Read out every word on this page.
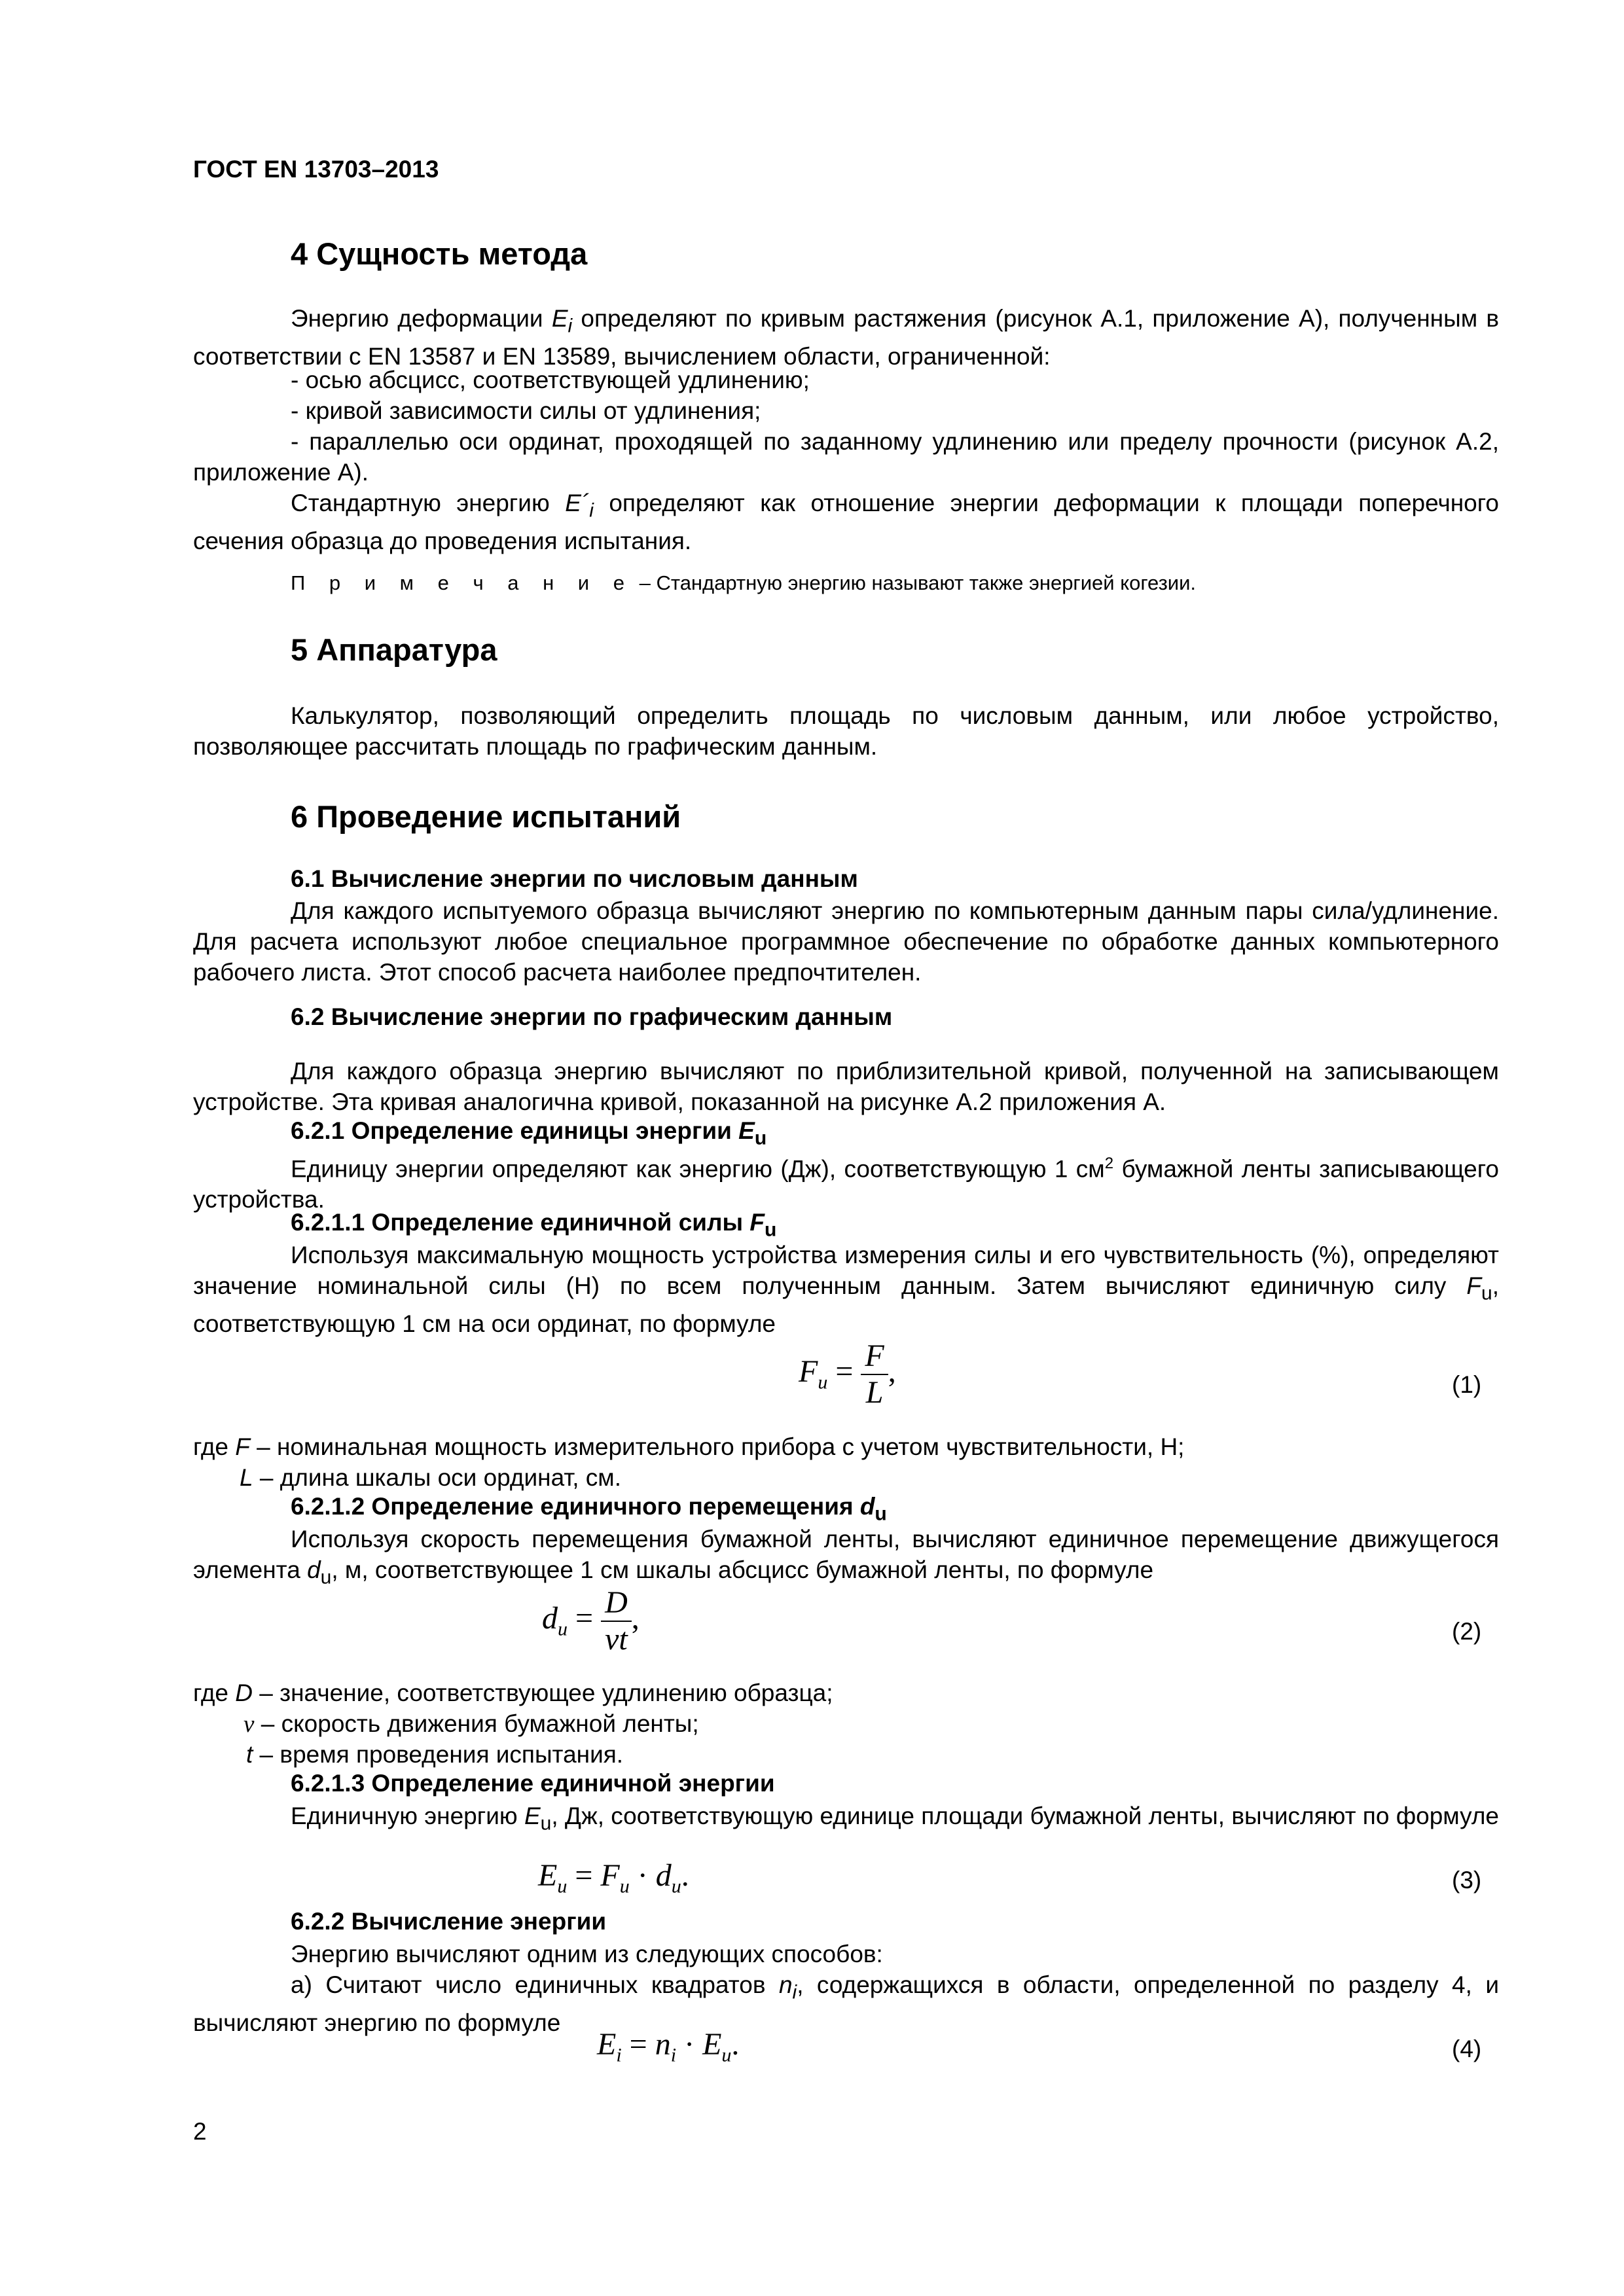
ГОСТ EN 13703–2013
4 Сущность метода

Энергию деформации $E_i$ определяют по кривым растяжения (рисунок А.1, приложение А), полученным в соответствии с EN 13587 и EN 13589, вычислением области, ограниченной:

- осью абсцисс, соответствующей удлинению;
- кривой зависимости силы от удлинения;

- параллелью оси ординат, проходящей по заданному удлинению или пределу прочности (рисунок А.2, приложение А).

Стандартную энергию $E´_i$ определяют как отношение энергии деформации к площади поперечного сечения образца до проведения испытания.

П р и м е ч а н и е – Стандартную энергию называют также энергией когезии.
5 Аппаратура

Калькулятор, позволяющий определить площадь по числовым данным, или любое устройство, позволяющее рассчитать площадь по графическим данным.

6 Проведение испытаний
6.1 Вычисление энергии по числовым данным

Для каждого испытуемого образца вычисляют энергию по компьютерным данным пары сила/удлинение. Для расчета используют любое специальное программное обеспечение по обработке данных компьютерного рабочего листа. Этот способ расчета наиболее предпочтителен.

6.2 Вычисление энергии по графическим данным

Для каждого образца энергию вычисляют по приблизительной кривой, полученной на записывающем устройстве. Эта кривая аналогична кривой, показанной на рисунке А.2 приложения А.

6.2.1 Определение единицы энергии $E_u$

Единицу энергии определяют как энергию (Дж), соответствующую 1 $см^2$ бумажной ленты записывающего устройства.

6.2.1.1 Определение единичной силы $F_u$

Используя максимальную мощность устройства измерения силы и его чувствительность (%), определяют значение номинальной силы (Н) по всем полученным данным. Затем вычисляют единичную силу $F_u$, соответствующую 1 см на оси ординат, по формуле

$F_u = \frac{F}{L}$ ,	(1)
где F – номинальная мощность измерительного прибора с учетом чувствительности, Н;
L – длина шкалы оси ординат, см.
6.2.1.2 Определение единичного перемещения $d_u$

Используя скорость перемещения бумажной ленты, вычисляют единичное перемещение движущегося элемента $d_u$, м, соответствующее 1 см шкалы абсцисс бумажной ленты, по формуле

$d_u = \frac{D}{vt}$ ,	(2)
где D – значение, соответствующее удлинению образца;
v – скорость движения бумажной ленты;
t – время проведения испытания.
6.2.1.3 Определение единичной энергии

Единичную энергию $E_u$, Дж, соответствующую единице площади бумажной ленты, вычисляют по формуле

$E_u = F_u \cdot d_u$.	(3)
6.2.2 Вычисление энергии
Энергию вычисляют одним из следующих способов:

а) Считают число единичных квадратов $n_i$, содержащихся в области, определенной по разделу 4, и вычисляют энергию по формуле

$E_i = n_i \cdot E_u$.	(4)
2
